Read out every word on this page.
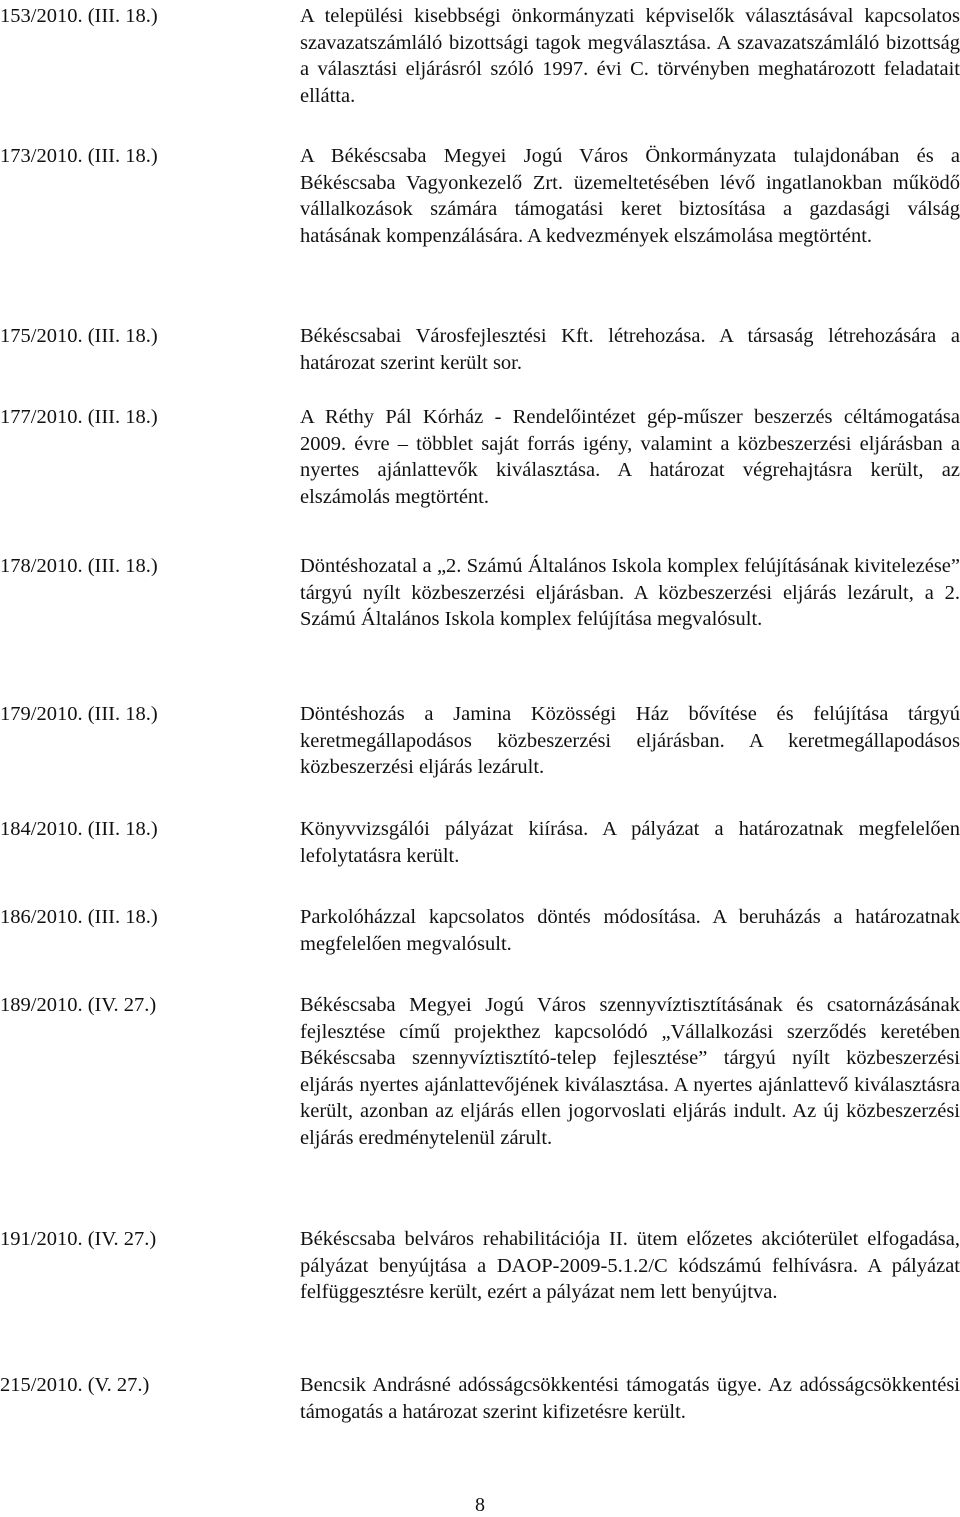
153/2010. (III. 18.)	A települési kisebbségi önkormányzati képviselők választásával kapcsolatos szavazatszámláló bizottsági tagok megválasztása. A szavazatszámláló bizottság a választási eljárásról szóló 1997. évi C. törvényben meghatározott feladatait ellátta.
173/2010. (III. 18.)	A Békéscsaba Megyei Jogú Város Önkormányzata tulajdonában és a Békéscsaba Vagyonkezelő Zrt. üzemeltetésében lévő ingatlanokban működő vállalkozások számára támogatási keret biztosítása a gazdasági válság hatásának kompenzálására. A kedvezmények elszámolása megtörtént.
175/2010. (III. 18.)	Békéscsabai Városfejlesztési Kft. létrehozása. A társaság létrehozására a határozat szerint került sor.
177/2010. (III. 18.)	A Réthy Pál Kórház - Rendelőintézet gép-műszer beszerzés céltámogatása 2009. évre – többlet saját forrás igény, valamint a közbeszerzési eljárásban a nyertes ajánlattevők kiválasztása. A határozat végrehajtásra került, az elszámolás megtörtént.
178/2010. (III. 18.)	Döntéshozatal a „2. Számú Általános Iskola komplex felújításának kivitelezése” tárgyú nyílt közbeszerzési eljárásban. A közbeszerzési eljárás lezárult, a 2. Számú Általános Iskola komplex felújítása megvalósult.
179/2010. (III. 18.)	Döntéshozás a Jamina Közösségi Ház bővítése és felújítása tárgyú keretmegállapodásos közbeszerzési eljárásban. A keretmegállapodásos közbeszerzési eljárás lezárult.
184/2010. (III. 18.)	Könyvvizsgálói pályázat kiírása. A pályázat a határozatnak megfelelően lefolytatásra került.
186/2010. (III. 18.)	Parkolóházzal kapcsolatos döntés módosítása. A beruházás a határozatnak megfelelően megvalósult.
189/2010. (IV. 27.)	Békéscsaba Megyei Jogú Város szennyvíztisztításának és csatornázásának fejlesztése című projekthez kapcsolódó „Vállalkozási szerződés keretében Békéscsaba szennyvíztisztító-telep fejlesztése” tárgyú nyílt közbeszerzési eljárás nyertes ajánlattevőjének kiválasztása. A nyertes ajánlattevő kiválasztásra került, azonban az eljárás ellen jogorvoslati eljárás indult. Az új közbeszerzési eljárás eredménytelenül zárult.
191/2010. (IV. 27.)	Békéscsaba belváros rehabilitációja II. ütem előzetes akcióterület elfogadása, pályázat benyújtása a DAOP-2009-5.1.2/C kódszámú felhívásra. A pályázat felfüggesztésre került, ezért a pályázat nem lett benyújtva.
215/2010. (V. 27.)	Bencsik Andrásné adósságcsökkentési támogatás ügye. Az adósságcsökkentési támogatás a határozat szerint kifizetésre került.
8
